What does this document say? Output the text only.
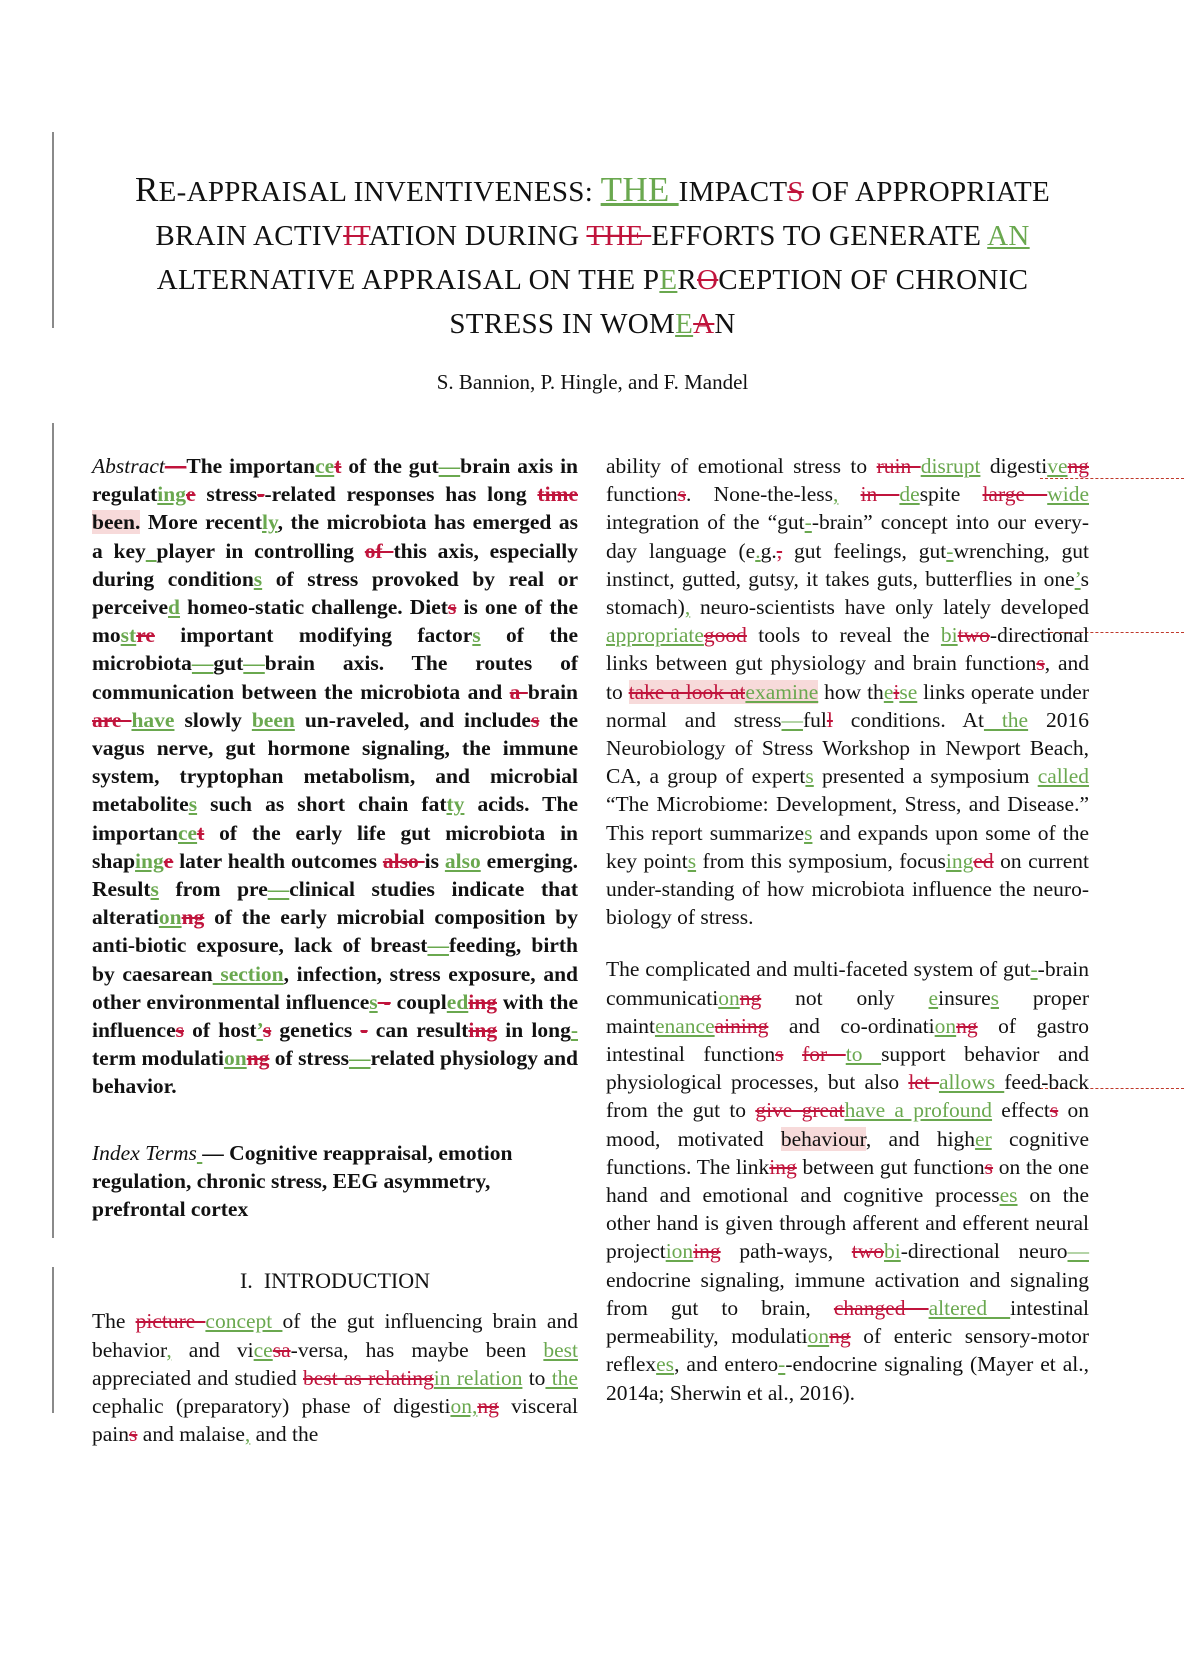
RE-APPRAISAL INVENTIVENESS: THE IMPACTS OF APPROPRIATE
BRAIN ACTIVITATION DURING THE EFFORTS TO GENERATE AN
ALTERNATIVE APPRAISAL ON THE PEROCEPTION OF CHRONIC
STRESS IN WOMEAN
S. Bannion, P. Hingle, and F. Mandel

Abstract—The importancet of the gut—brain axis in regulatinge stress--related responses has long time been. More recently, the microbiota has emerged as a key player in controlling of this axis, especially during conditions of stress provoked by real or perceived homeo-static challenge. Diets is one of the mostre important modifying factors of the microbiota—gut—brain axis. The routes of communication between the microbiota and a brain are have slowly been un-raveled, and includes the vagus nerve, gut hormone signaling, the immune system, tryptophan metabolism, and microbial metabolites such as short chain fatty acids. The importancet of the early life gut microbiota in shapinge later health outcomes also is also emerging. Results from pre—clinical studies indicate that alterationng of the early microbial composition by anti-biotic exposure, lack of breast—feeding, birth by caesarean section, infection, stress exposure, and other environmental influences - coupleding with the influences of host’s genetics - can resulting in long-term modulationng of stress—related physiology and behavior.

Index Terms — Cognitive reappraisal, emotion regulation, chronic stress, EEG asymmetry, prefrontal cortex

I. INTRODUCTION

The picture concept of the gut influencing brain and behavior, and vicesa-versa, has maybe been best appreciated and studied best as relatingin relation to the cephalic (preparatory) phase of digestion,ng visceral pains and malaise, and the

ability of emotional stress to ruin disrupt digestiveng functions. None-the-less, in despite large wide integration of the “gut--brain” concept into our every-day language (e.g., gut feelings, gut-wrenching, gut instinct, gutted, gutsy, it takes guts, butterflies in one’s stomach), neuro-scientists have only lately developed appropriategood tools to reveal the bitwo-directional links between gut physiology and brain functions, and to take a look atexamine how theise links operate under normal and stress—full conditions. At the 2016 Neurobiology of Stress Workshop in Newport Beach, CA, a group of experts presented a symposium called “The Microbiome: Development, Stress, and Disease.” This report summarizes and expands upon some of the key points from this symposium, focusinged on current under-standing of how microbiota influence the neuro-biology of stress.

The complicated and multi-faceted system of gut--brain communicationng not only einsures proper maintenanceaining and co-ordinationng of gastro intestinal functions for to support behavior and physiological processes, but also let allows feed-back from the gut to give greathave a profound effects on mood, motivated behaviour, and higher cognitive functions. The linking between gut functions on the one hand and emotional and cognitive processes on the other hand is given through afferent and efferent neural projectioning path-ways, twobi-directional neuro—endocrine signaling, immune activation and signaling from gut to brain, changed altered intestinal permeability, modulationng of enteric sensory-motor reflexes, and entero--endocrine signaling (Mayer et al., 2014a; Sherwin et al., 2016).
